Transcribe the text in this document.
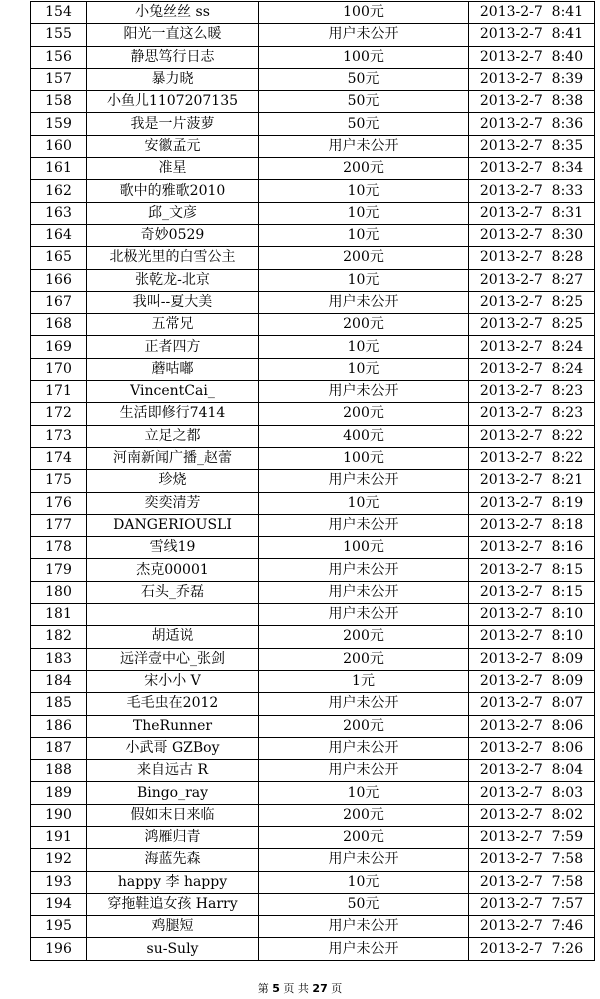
154	小兔丝丝 ss	100元	2013-2-7  8:41
155	阳光一直这么暖	用户未公开	2013-2-7  8:41
156	静思笃行日志	100元	2013-2-7  8:40
157	暴力晓	50元	2013-2-7  8:39
158	小鱼儿1107207135	50元	2013-2-7  8:38
159	我是一片菠萝	50元	2013-2-7  8:36
160	安徽孟元	用户未公开	2013-2-7  8:35
161	准星	200元	2013-2-7  8:34
162	歌中的雅歌2010	10元	2013-2-7  8:33
163	邱_文彦	10元	2013-2-7  8:31
164	奇妙0529	10元	2013-2-7  8:30
165	北极光里的白雪公主	200元	2013-2-7  8:28
166	张乾龙-北京	10元	2013-2-7  8:27
167	我叫--夏大美	用户未公开	2013-2-7  8:25
168	五常兄	200元	2013-2-7  8:25
169	正者四方	10元	2013-2-7  8:24
170	蘑咕嘟	10元	2013-2-7  8:24
171	VincentCai_	用户未公开	2013-2-7  8:23
172	生活即修行7414	200元	2013-2-7  8:23
173	立足之都	400元	2013-2-7  8:22
174	河南新闻广播_赵蕾	100元	2013-2-7  8:22
175	珍烧	用户未公开	2013-2-7  8:21
176	奕奕清芳	10元	2013-2-7  8:19
177	DANGERIOUSLI	用户未公开	2013-2-7  8:18
178	雪线19	100元	2013-2-7  8:16
179	杰克00001	用户未公开	2013-2-7  8:15
180	石头_乔磊	用户未公开	2013-2-7  8:15
181		用户未公开	2013-2-7  8:10
182	胡适说	200元	2013-2-7  8:10
183	远洋壹中心_张剑	200元	2013-2-7  8:09
184	宋小小 V	1元	2013-2-7  8:09
185	毛毛虫在2012	用户未公开	2013-2-7  8:07
186	TheRunner	200元	2013-2-7  8:06
187	小武哥 GZBoy	用户未公开	2013-2-7  8:06
188	来自远古 R	用户未公开	2013-2-7  8:04
189	Bingo_ray	10元	2013-2-7  8:03
190	假如末日来临	200元	2013-2-7  8:02
191	鸿雁归青	200元	2013-2-7  7:59
192	海蓝先森	用户未公开	2013-2-7  7:58
193	happy 李 happy	10元	2013-2-7  7:58
194	穿拖鞋追女孩 Harry	50元	2013-2-7  7:57
195	鸡腿短	用户未公开	2013-2-7  7:46
196	su-Suly	用户未公开	2013-2-7  7:26
第 5 页 共 27 页
